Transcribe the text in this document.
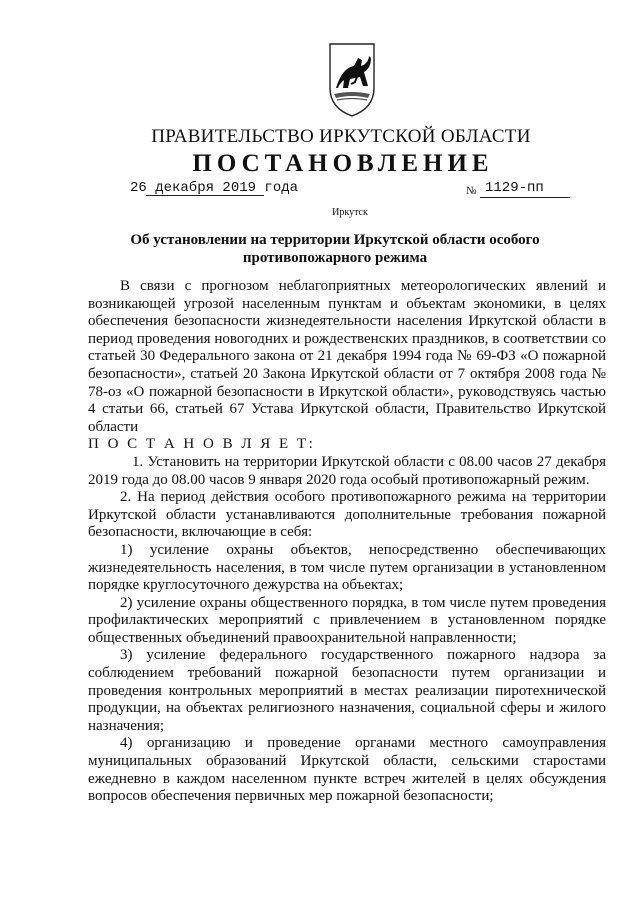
ПРАВИТЕЛЬСТВО ИРКУТСКОЙ ОБЛАСТИ
ПОСТАНОВЛЕНИЕ
26 декабря 2019 года	№ 1129-пп
Иркутск
Об установлении на территории Иркутской области особого противопожарного режима

В связи с прогнозом неблагоприятных метеорологических явлений и возникающей угрозой населенным пунктам и объектам экономики, в целях обеспечения безопасности жизнедеятельности населения Иркутской области в период проведения новогодних и рождественских праздников, в соответствии со статьей 30 Федерального закона от 21 декабря 1994 года № 69-ФЗ «О пожарной безопасности», статьей 20 Закона Иркутской области от 7 октября 2008 года № 78-оз «О пожарной безопасности в Иркутской области», руководствуясь частью 4 статьи 66, статьей 67 Устава Иркутской области, Правительство Иркутской области

П О С Т А Н О В Л Я Е Т:

1. Установить на территории Иркутской области с 08.00 часов 27 декабря 2019 года до 08.00 часов 9 января 2020 года особый противопожарный режим.

2. На период действия особого противопожарного режима на территории Иркутской области устанавливаются дополнительные требования пожарной безопасности, включающие в себя:

1) усиление охраны объектов, непосредственно обеспечивающих жизнедеятельность населения, в том числе путем организации в установленном порядке круглосуточного дежурства на объектах;

2) усиление охраны общественного порядка, в том числе путем проведения профилактических мероприятий с привлечением в установленном порядке общественных объединений правоохранительной направленности;

3) усиление федерального государственного пожарного надзора за соблюдением требований пожарной безопасности путем организации и проведения контрольных мероприятий в местах реализации пиротехнической продукции, на объектах религиозного назначения, социальной сферы и жилого назначения;

4) организацию и проведение органами местного самоуправления муниципальных образований Иркутской области, сельскими старостами ежедневно в каждом населенном пункте встреч жителей в целях обсуждения вопросов обеспечения первичных мер пожарной безопасности;
